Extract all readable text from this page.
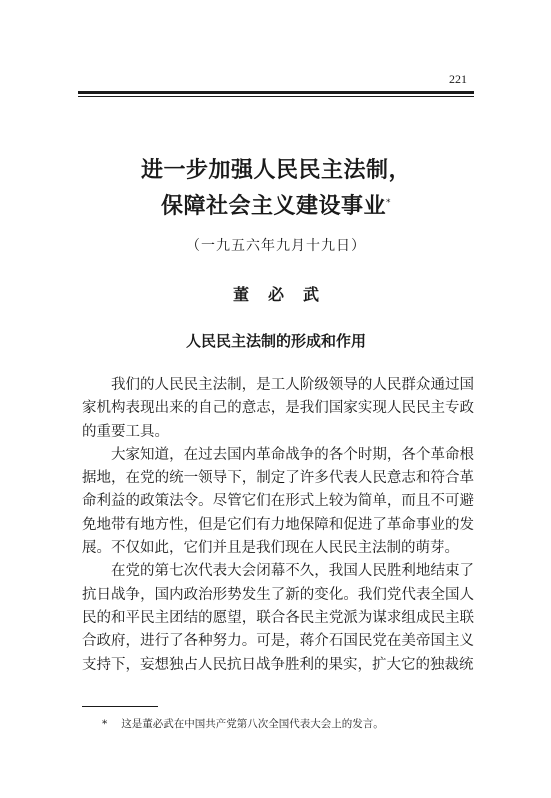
221
进一步加强人民民主法制，
保障社会主义建设事业*
（一九五六年九月十九日）
董必武
人民民主法制的形成和作用

我们的人民民主法制，是工人阶级领导的人民群众通过国家机构表现出来的自己的意志，是我们国家实现人民民主专政的重要工具。

大家知道，在过去国内革命战争的各个时期，各个革命根据地，在党的统一领导下，制定了许多代表人民意志和符合革命利益的政策法令。尽管它们在形式上较为简单，而且不可避免地带有地方性，但是它们有力地保障和促进了革命事业的发展。不仅如此，它们并且是我们现在人民民主法制的萌芽。

在党的第七次代表大会闭幕不久，我国人民胜利地结束了抗日战争，国内政治形势发生了新的变化。我们党代表全国人民的和平民主团结的愿望，联合各民主党派为谋求组成民主联合政府，进行了各种努力。可是，蒋介石国民党在美帝国主义支持下，妄想独占人民抗日战争胜利的果实，扩大它的独裁统

* 这是董必武在中国共产党第八次全国代表大会上的发言。
